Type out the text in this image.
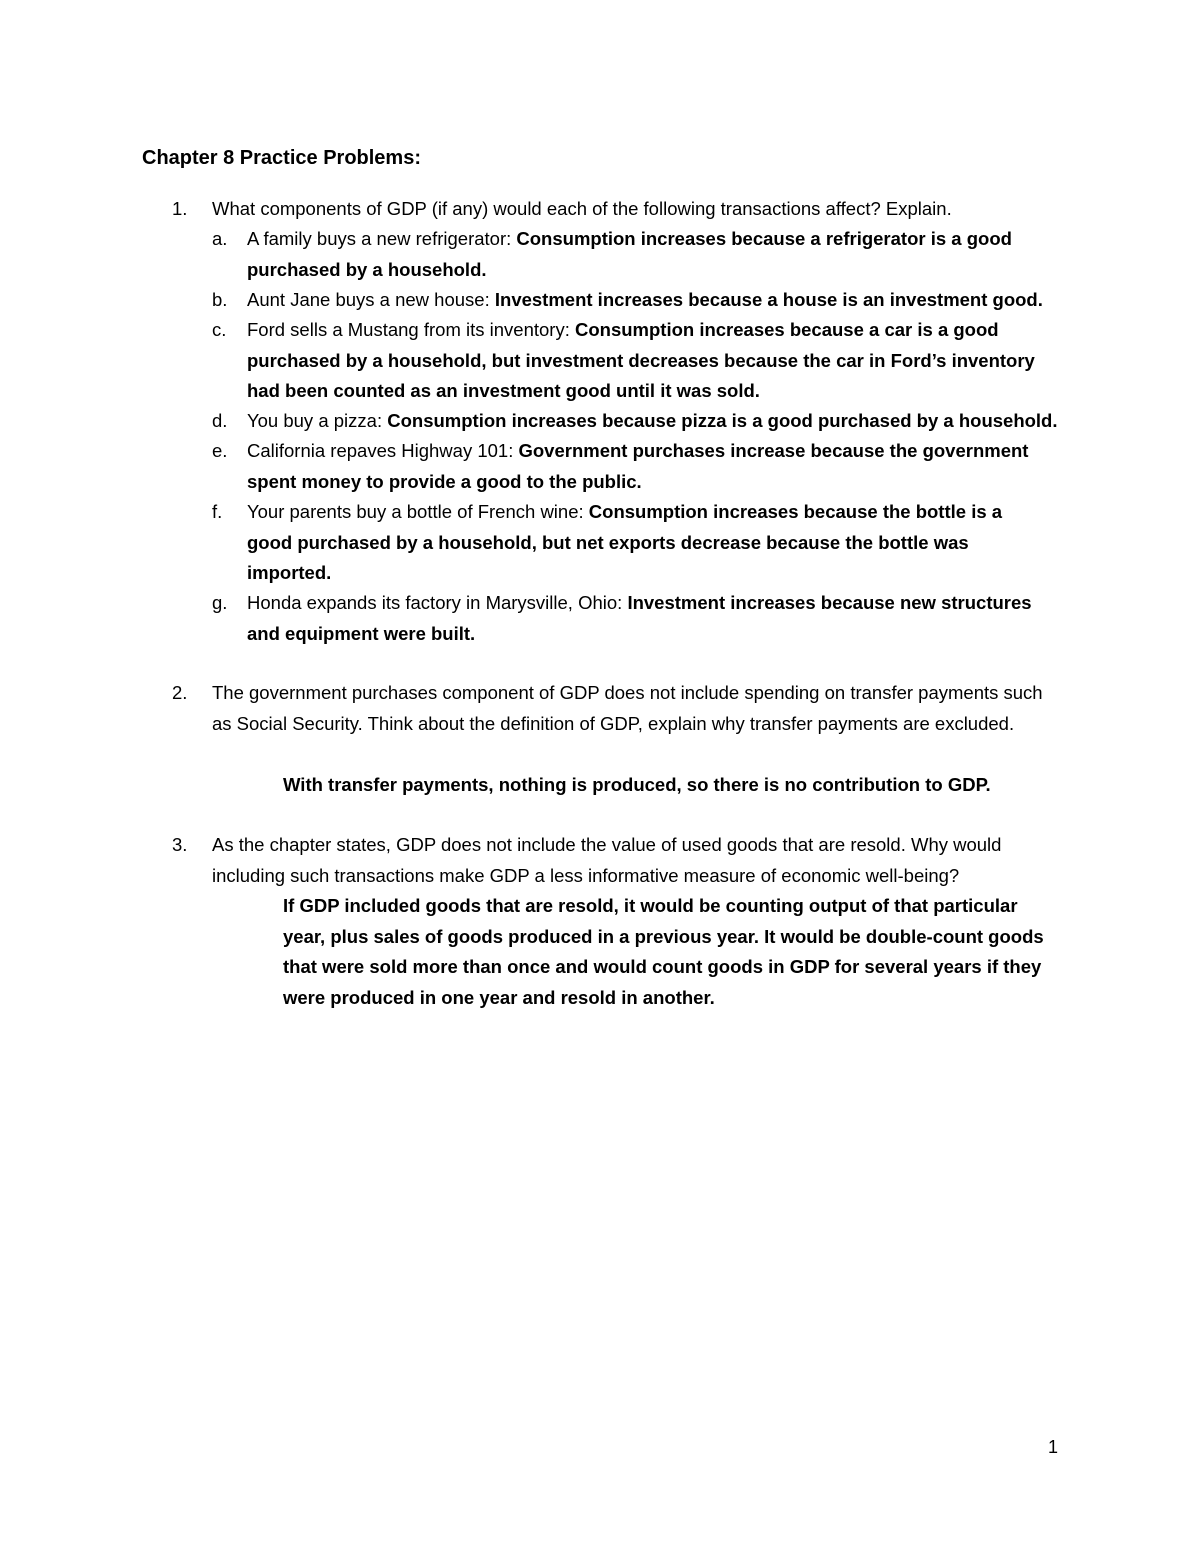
Chapter 8 Practice Problems:
1. What components of GDP (if any) would each of the following transactions affect? Explain.
a. A family buys a new refrigerator: Consumption increases because a refrigerator is a good purchased by a household.
b. Aunt Jane buys a new house: Investment increases because a house is an investment good.
c. Ford sells a Mustang from its inventory: Consumption increases because a car is a good purchased by a household, but investment decreases because the car in Ford’s inventory had been counted as an investment good until it was sold.
d. You buy a pizza: Consumption increases because pizza is a good purchased by a household.
e. California repaves Highway 101: Government purchases increase because the government spent money to provide a good to the public.
f. Your parents buy a bottle of French wine: Consumption increases because the bottle is a good purchased by a household, but net exports decrease because the bottle was imported.
g. Honda expands its factory in Marysville, Ohio: Investment increases because new structures and equipment were built.
2. The government purchases component of GDP does not include spending on transfer payments such as Social Security. Think about the definition of GDP, explain why transfer payments are excluded.
With transfer payments, nothing is produced, so there is no contribution to GDP.
3. As the chapter states, GDP does not include the value of used goods that are resold. Why would including such transactions make GDP a less informative measure of economic well-being?
If GDP included goods that are resold, it would be counting output of that particular year, plus sales of goods produced in a previous year. It would be double-count goods that were sold more than once and would count goods in GDP for several years if they were produced in one year and resold in another.
1
